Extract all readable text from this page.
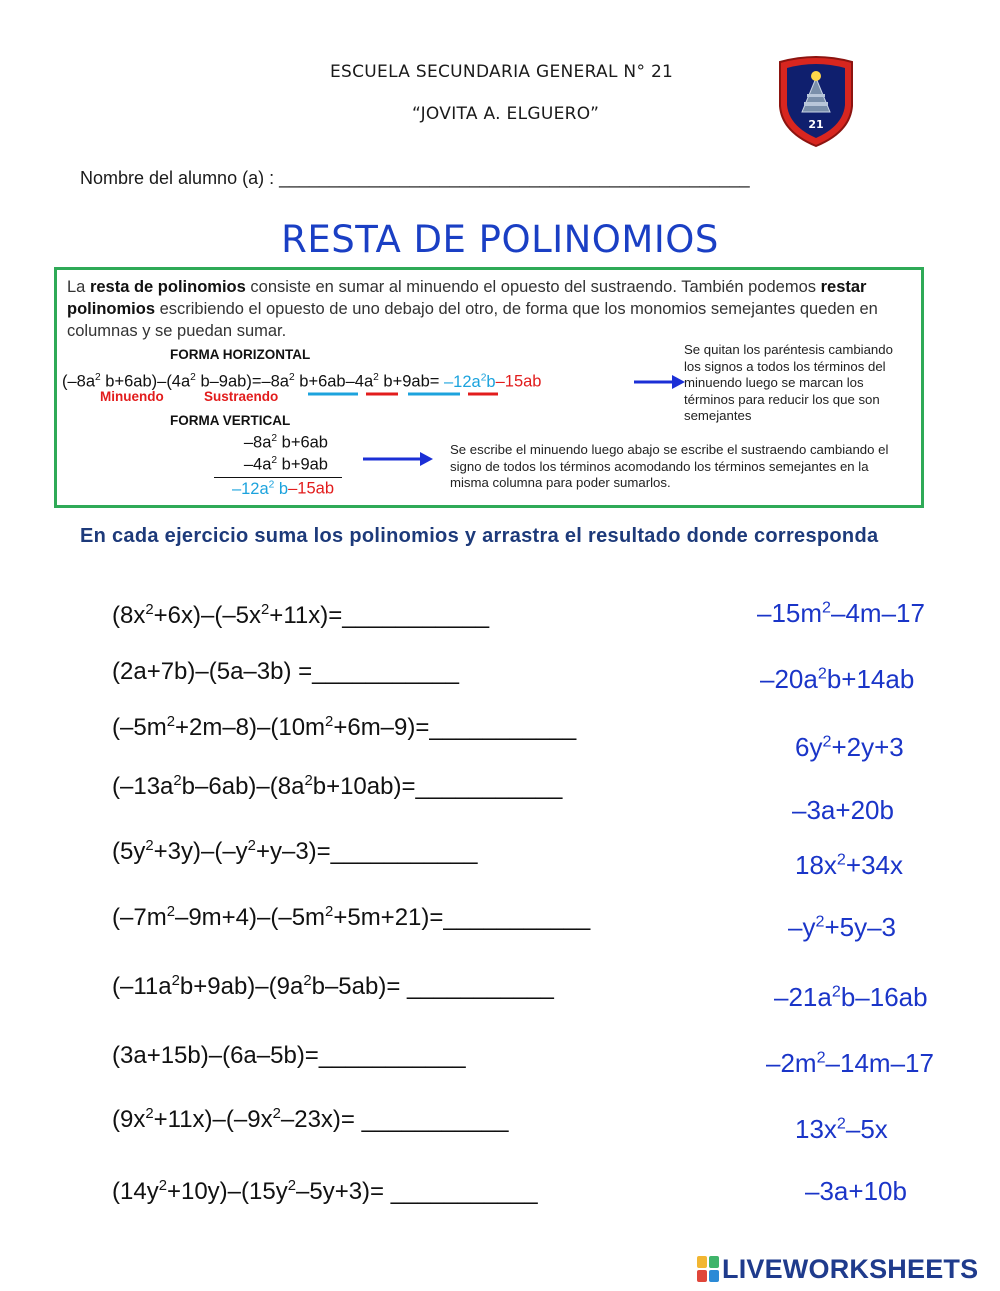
ESCUELA SECUNDARIA GENERAL N° 21
“JOVITA A. ELGUERO”
21
Nombre del alumno (a) : _______________________________________________
RESTA DE POLINOMIOS
La resta de polinomios consiste en sumar al minuendo el opuesto del sustraendo. También podemos restar polinomios escribiendo el opuesto de uno debajo del otro, de forma que los monomios semejantes queden en columnas y se puedan sumar.
FORMA HORIZONTAL
($-8a^2$ $b+6ab)-(4a^2$ $b-9ab)=-8a^2$ $b+6ab-4a^2$ $b+9ab= -12a^2b-15ab$
Minuendo	Sustraendo
Se quitan los paréntesis cambiando los signos a todos los términos del minuendo luego se marcan los términos para reducir los que son semejantes
FORMA VERTICAL
$-8a^2$ b+6ab
$-4a^2$ b+9ab
$-12a^2$ b–15ab
Se escribe el minuendo luego abajo se escribe el sustraendo cambiando el signo de todos los términos acomodando los términos semejantes en la misma columna para poder sumarlos.
En cada ejercicio suma los polinomios y arrastra el resultado donde corresponda
$(8x^2+6x)-(-5x^2+11x)=\_\_\_\_\_\_\_\_\_\_\_$
(2a+7b)–(5a–3b) =___________
$(-5m^2+2m-8)-(10m^2+6m-9)=\_\_\_\_\_\_\_\_\_\_\_$
$(-13a^2b-6ab)-(8a^2b+10ab)=\_\_\_\_\_\_\_\_\_\_\_$
$(5y^2+3y)-(-y^2+y-3)=\_\_\_\_\_\_\_\_\_\_\_$
$(-7m^2-9m+4)-(-5m^2+5m+21)=\_\_\_\_\_\_\_\_\_\_\_$
$(-11a^2b+9ab)-(9a^2b-5ab)=$ ___________
(3a+15b)–(6a–5b)=___________
$(9x^2+11x)-(-9x^2-23x)=$ ___________
$(14y^2+10y)-(15y^2-5y+3)=$ ___________
$-15m^2-4m-17$
$-20a^2b+14ab$
$6y^2+2y+3$
–3a+20b
$18x^2+34x$
$-y^2+5y-3$
$-21a^2b-16ab$
$-2m^2-14m-17$
$13x^2-5x$
–3a+10b
LIVEWORKSHEETS
